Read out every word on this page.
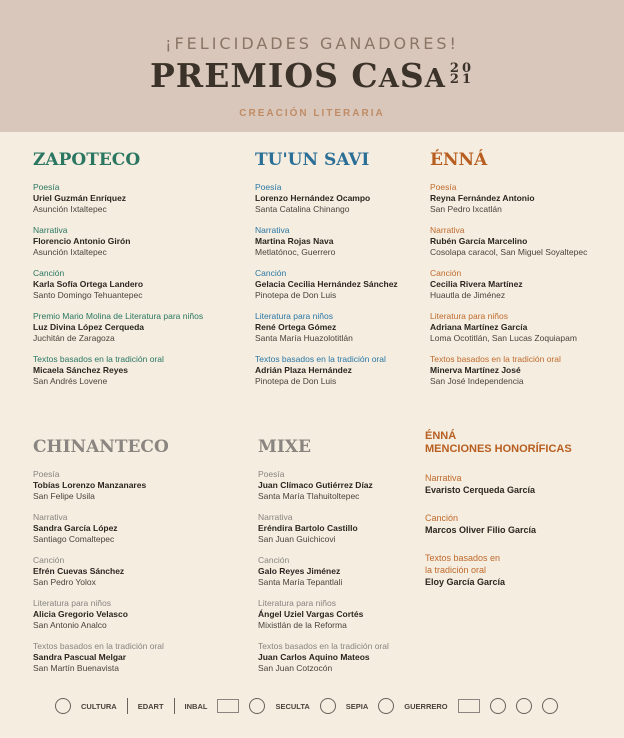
¡FELICIDADES GANADORES!
PREMIOS CASA 20
21
CREACIÓN LITERARIA
ZAPOTECO
Poesía
Uriel Guzmán Enríquez
Asunción Ixtaltepec
Narrativa
Florencio Antonio Girón
Asunción Ixtaltepec
Canción
Karla Sofía Ortega Landero
Santo Domingo Tehuantepec
Premio Mario Molina de Literatura para niños
Luz Divina López Cerqueda
Juchitán de Zaragoza
Textos basados en la tradición oral
Micaela Sánchez Reyes
San Andrés Lovene
TU'UN SAVI
Poesía
Lorenzo Hernández Ocampo
Santa Catalina Chinango
Narrativa
Martina Rojas Nava
Metlatónoc, Guerrero
Canción
Gelacia Cecilia Hernández Sánchez
Pinotepa de Don Luis
Literatura para niños
René Ortega Gómez
Santa María Huazolotitlán
Textos basados en la tradición oral
Adrián Plaza Hernández
Pinotepa de Don Luis
ÉNNÁ
Poesía
Reyna Fernández Antonio
San Pedro Ixcatlán
Narrativa
Rubén García Marcelino
Cosolapa caracol, San Miguel Soyaltepec
Canción
Cecilia Rivera Martínez
Huautla de Jiménez
Literatura para niños
Adriana Martínez García
Loma Ocotitlán, San Lucas Zoquiapam
Textos basados en la tradición oral
Minerva Martínez José
San José Independencia
CHINANTECO
Poesía
Tobías Lorenzo Manzanares
San Felipe Usila
Narrativa
Sandra García López
Santiago Comaltepec
Canción
Efrén Cuevas Sánchez
San Pedro Yolox
Literatura para niños
Alicia Gregorio Velasco
San Antonio Analco
Textos basados en la tradición oral
Sandra Pascual Melgar
San Martín Buenavista
MIXE
Poesía
Juan Clímaco Gutiérrez Díaz
Santa María Tlahuitoltepec
Narrativa
Eréndira Bartolo Castillo
San Juan Guichicovi
Canción
Galo Reyes Jiménez
Santa María Tepantlali
Literatura para niños
Ángel Uziel Vargas Cortés
Mixistlán de la Reforma
Textos basados en la tradición oral
Juan Carlos Aquino Mateos
San Juan Cotzocón
ÉNNÁ
MENCIONES HONORÍFICAS
Narrativa
Evaristo Cerqueda García
Canción
Marcos Oliver Filio García
Textos basados en
la tradición oral
Eloy García García
CULTURA	EDART	INBAL	SECULTA	SEPIA	GUERRERO
